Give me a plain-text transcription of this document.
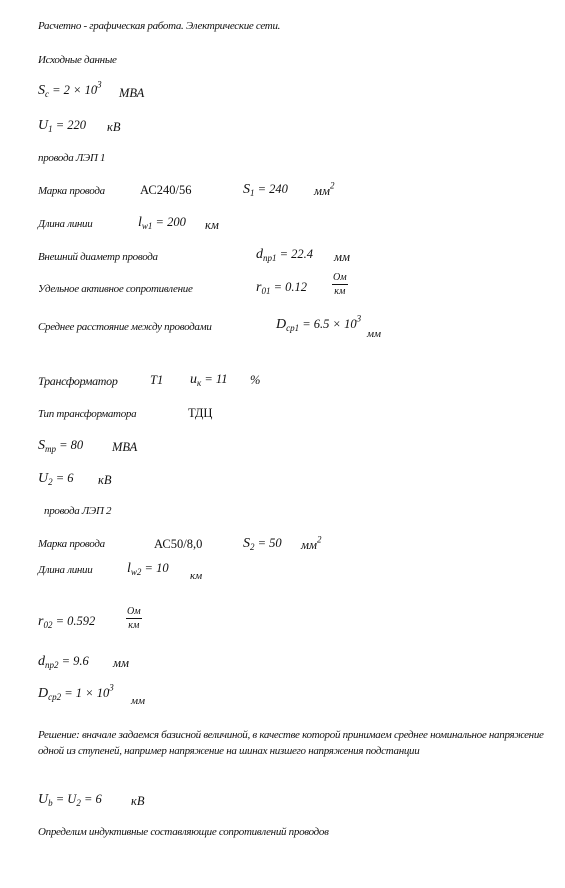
Расчетно - графическая работа. Электрические сети.
Исходные данные
$S_c = 2 \times 10^3$
МВА
$U_1 = 220$ кВ
провода ЛЭП 1
Марка провода	АС240/56	$S_1 = 240$ $мм^2$
Длина линии	$l_{w1} = 200$ км
Внешний диаметр провода	$d_{пр1} = 22.4$ мм
Удельное активное сопротивление	$r_{01} = 0.12$
Ом
км
Среднее расстояние между проводами	$D_{ср1} = 6.5 \times 10^3$
мм
Трансформатор	T1 $u_к = 11$ %
Тип трансформатора	ТДЦ
$S_{тр} = 80$ МВА
$U_2 = 6$ кВ
провода ЛЭП 2
Марка провода	АС50/8,0	$S_2 = 50$ $мм^2$
Длина линии $l_{w2} = 10$
км
$r_{02} = 0.592$
Ом
км
$d_{пр2} = 9.6$ мм
$D_{ср2} = 1 \times 10^3$
мм
Решение: вначале задаемся базисной величиной, в качестве которой принимаем среднее номинальное напряжение одной из ступеней, например напряжение на шинах низшего напряжения подстанции
$U_b = U_2 = 6$ кВ
Определим индуктивные составляющие сопротивлений проводов
